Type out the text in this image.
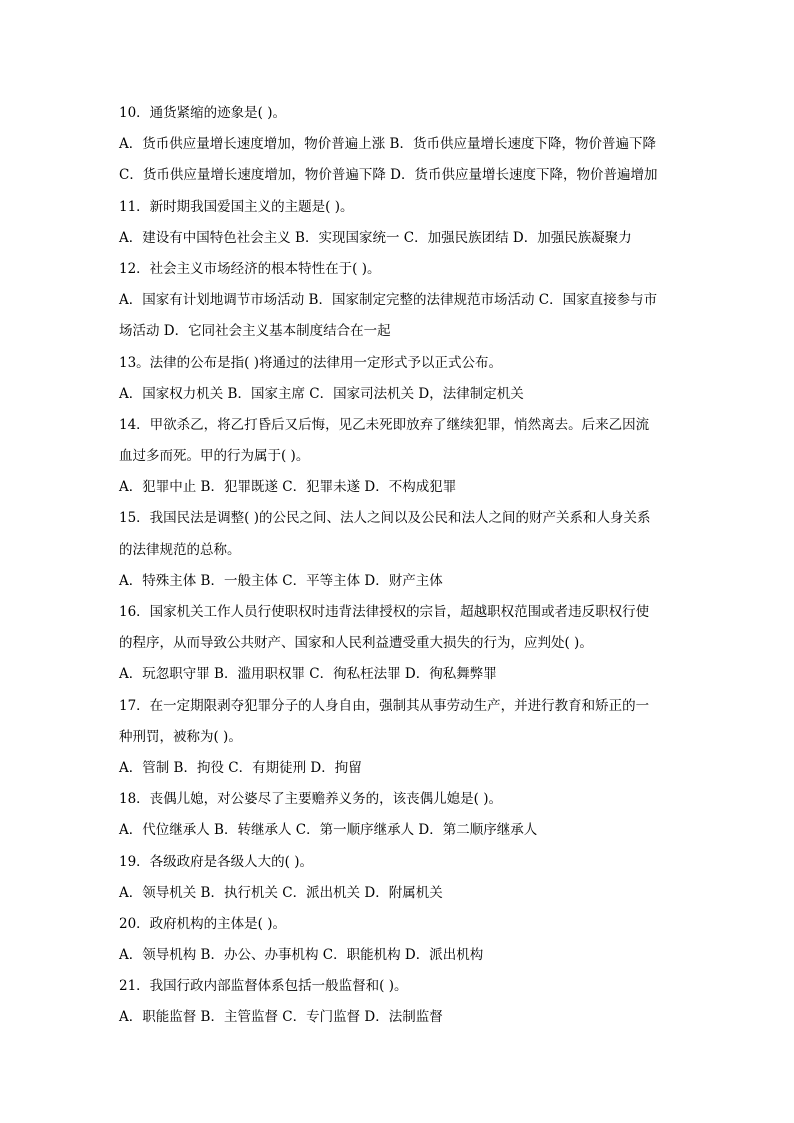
10．通货紧缩的迹象是( )。
A．货币供应量增长速度增加，物价普遍上涨 B．货币供应量增长速度下降，物价普遍下降
C．货币供应量增长速度增加，物价普遍下降 D．货币供应量增长速度下降，物价普遍增加
11．新时期我国爱国主义的主题是( )。
A．建设有中国特色社会主义 B．实现国家统一 C．加强民族团结 D．加强民族凝聚力
12．社会主义市场经济的根本特性在于( )。
A．国家有计划地调节市场活动 B．国家制定完整的法律规范市场活动 C．国家直接参与市
场活动 D．它同社会主义基本制度结合在一起
13。法律的公布是指( )将通过的法律用一定形式予以正式公布。
A．国家权力机关 B．国家主席 C．国家司法机关 D，法律制定机关
14．甲欲杀乙，将乙打昏后又后悔，见乙未死即放弃了继续犯罪，悄然离去。后来乙因流
血过多而死。甲的行为属于( )。
A．犯罪中止 B．犯罪既遂 C．犯罪未遂 D．不构成犯罪
15．我国民法是调整( )的公民之间、法人之间以及公民和法人之间的财产关系和人身关系
的法律规范的总称。
A．特殊主体 B．一般主体 C．平等主体 D．财产主体
16．国家机关工作人员行使职权时违背法律授权的宗旨，超越职权范围或者违反职权行使
的程序，从而导致公共财产、国家和人民利益遭受重大损失的行为，应判处( )。
A．玩忽职守罪 B．滥用职权罪 C．徇私枉法罪 D．徇私舞弊罪
17．在一定期限剥夺犯罪分子的人身自由，强制其从事劳动生产，并进行教育和矫正的一
种刑罚，被称为( )。
A．管制 B．拘役 C．有期徒刑 D．拘留
18．丧偶儿媳，对公婆尽了主要赡养义务的，该丧偶儿媳是( )。
A．代位继承人 B．转继承人 C．第一顺序继承人 D．第二顺序继承人
19．各级政府是各级人大的( )。
A．领导机关 B．执行机关 C．派出机关 D．附属机关
20．政府机构的主体是( )。
A．领导机构 B．办公、办事机构 C．职能机构 D．派出机构
21．我国行政内部监督体系包括一般监督和( )。
A．职能监督 B．主管监督 C．专门监督 D．法制监督
